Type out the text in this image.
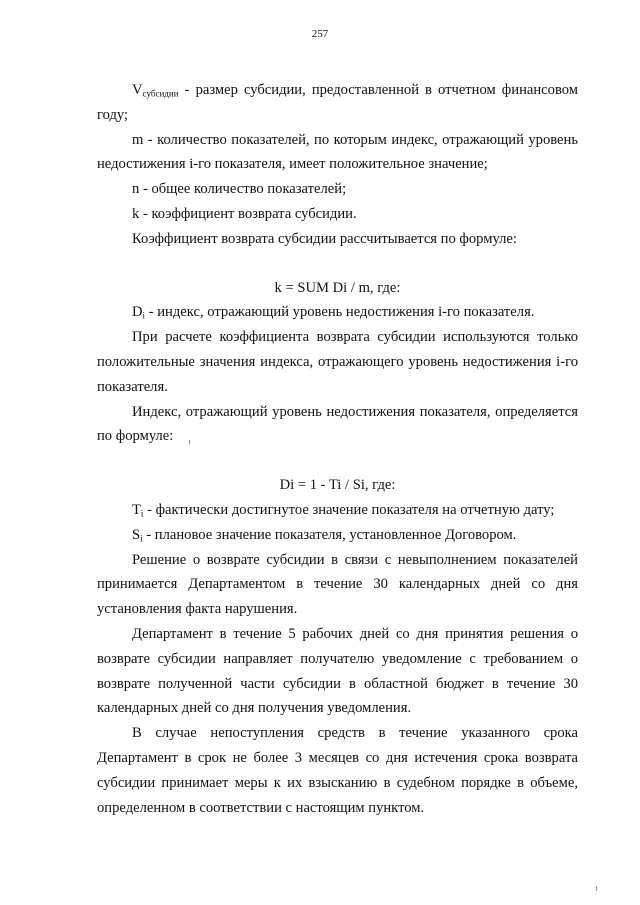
257

$V_{субсидии}$ - размер субсидии, предоставленной в отчетном финансовом году;

m - количество показателей, по которым индекс, отражающий уровень недостижения i-го показателя, имеет положительное значение;

n - общее количество показателей;

k - коэффициент возврата субсидии.

Коэффициент возврата субсидии рассчитывается по формуле:

k = SUM Di / m, где:

$D_i$ - индекс, отражающий уровень недостижения i-го показателя.

При расчете коэффициента возврата субсидии используются только положительные значения индекса, отражающего уровень недостижения i-го показателя.

Индекс, отражающий уровень недостижения показателя, определяется по формуле:

Di = 1 - Ti / Si, где:

$T_i$ - фактически достигнутое значение показателя на отчетную дату;

$S_i$ - плановое значение показателя, установленное Договором.

Решение о возврате субсидии в связи с невыполнением показателей принимается Департаментом в течение 30 календарных дней со дня установления факта нарушения.

Департамент в течение 5 рабочих дней со дня принятия решения о возврате субсидии направляет получателю уведомление с требованием о возврате полученной части субсидии в областной бюджет в течение 30 календарных дней со дня получения уведомления.

В случае непоступления средств в течение указанного срока Департамент в срок не более 3 месяцев со дня истечения срока возврата субсидии принимает меры к их взысканию в судебном порядке в объеме, определенном в соответствии с настоящим пунктом.
